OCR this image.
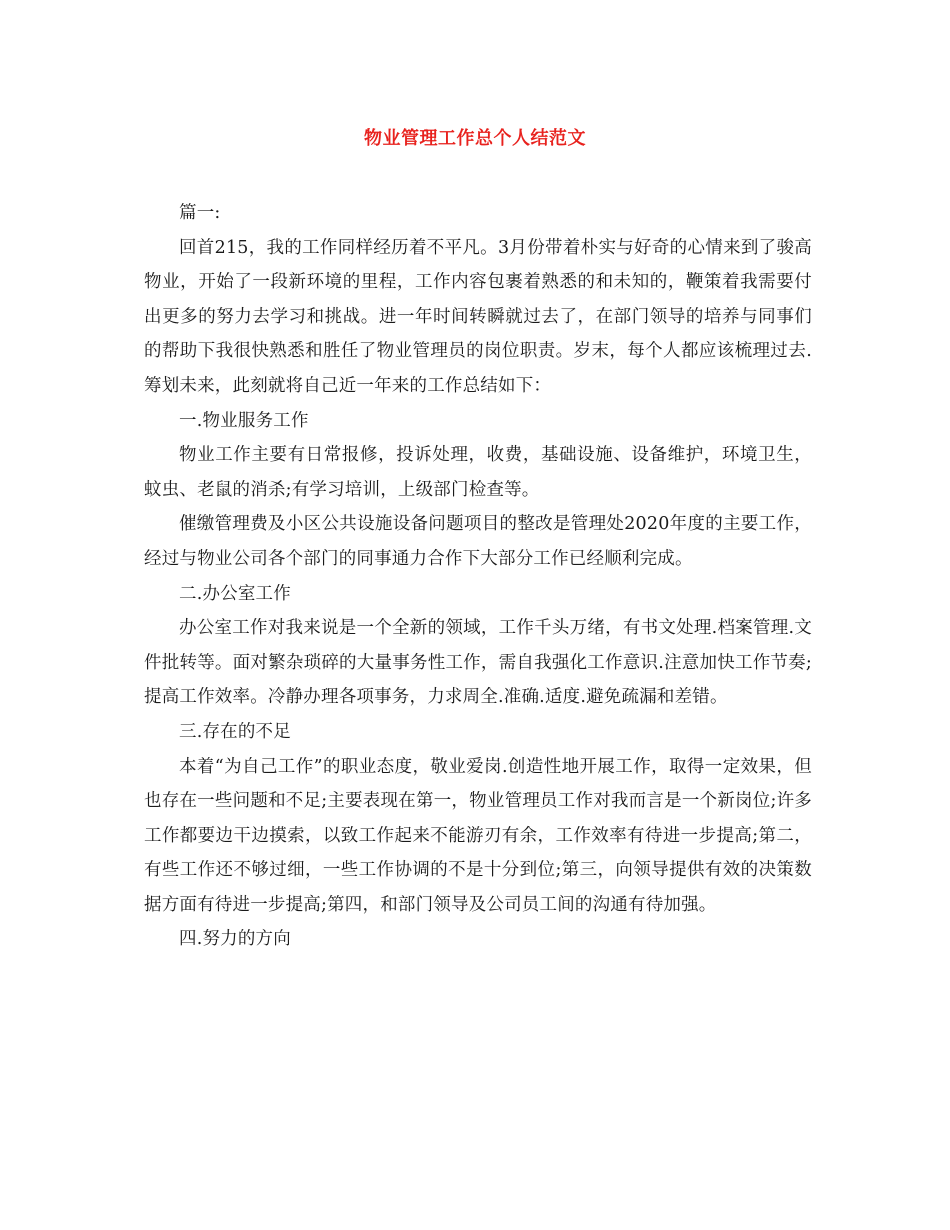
物业管理工作总个人结范文

篇一:

回首215，我的工作同样经历着不平凡。3月份带着朴实与好奇的心情来到了骏高物业，开始了一段新环境的里程，工作内容包裹着熟悉的和未知的，鞭策着我需要付出更多的努力去学习和挑战。进一年时间转瞬就过去了，在部门领导的培养与同事们的帮助下我很快熟悉和胜任了物业管理员的岗位职责。岁末，每个人都应该梳理过去.筹划未来，此刻就将自己近一年来的工作总结如下：

一.物业服务工作

物业工作主要有日常报修，投诉处理，收费，基础设施、设备维护，环境卫生，蚊虫、老鼠的消杀;有学习培训，上级部门检查等。

催缴管理费及小区公共设施设备问题项目的整改是管理处2020年度的主要工作，经过与物业公司各个部门的同事通力合作下大部分工作已经顺利完成。

二.办公室工作

办公室工作对我来说是一个全新的领域，工作千头万绪，有书文处理.档案管理.文件批转等。面对繁杂琐碎的大量事务性工作，需自我强化工作意识.注意加快工作节奏;提高工作效率。冷静办理各项事务，力求周全.准确.适度.避免疏漏和差错。

三.存在的不足

本着“为自己工作”的职业态度，敬业爱岗.创造性地开展工作，取得一定效果，但也存在一些问题和不足;主要表现在第一，物业管理员工作对我而言是一个新岗位;许多工作都要边干边摸索，以致工作起来不能游刃有余，工作效率有待进一步提高;第二，有些工作还不够过细，一些工作协调的不是十分到位;第三，向领导提供有效的决策数据方面有待进一步提高;第四，和部门领导及公司员工间的沟通有待加强。

四.努力的方向
